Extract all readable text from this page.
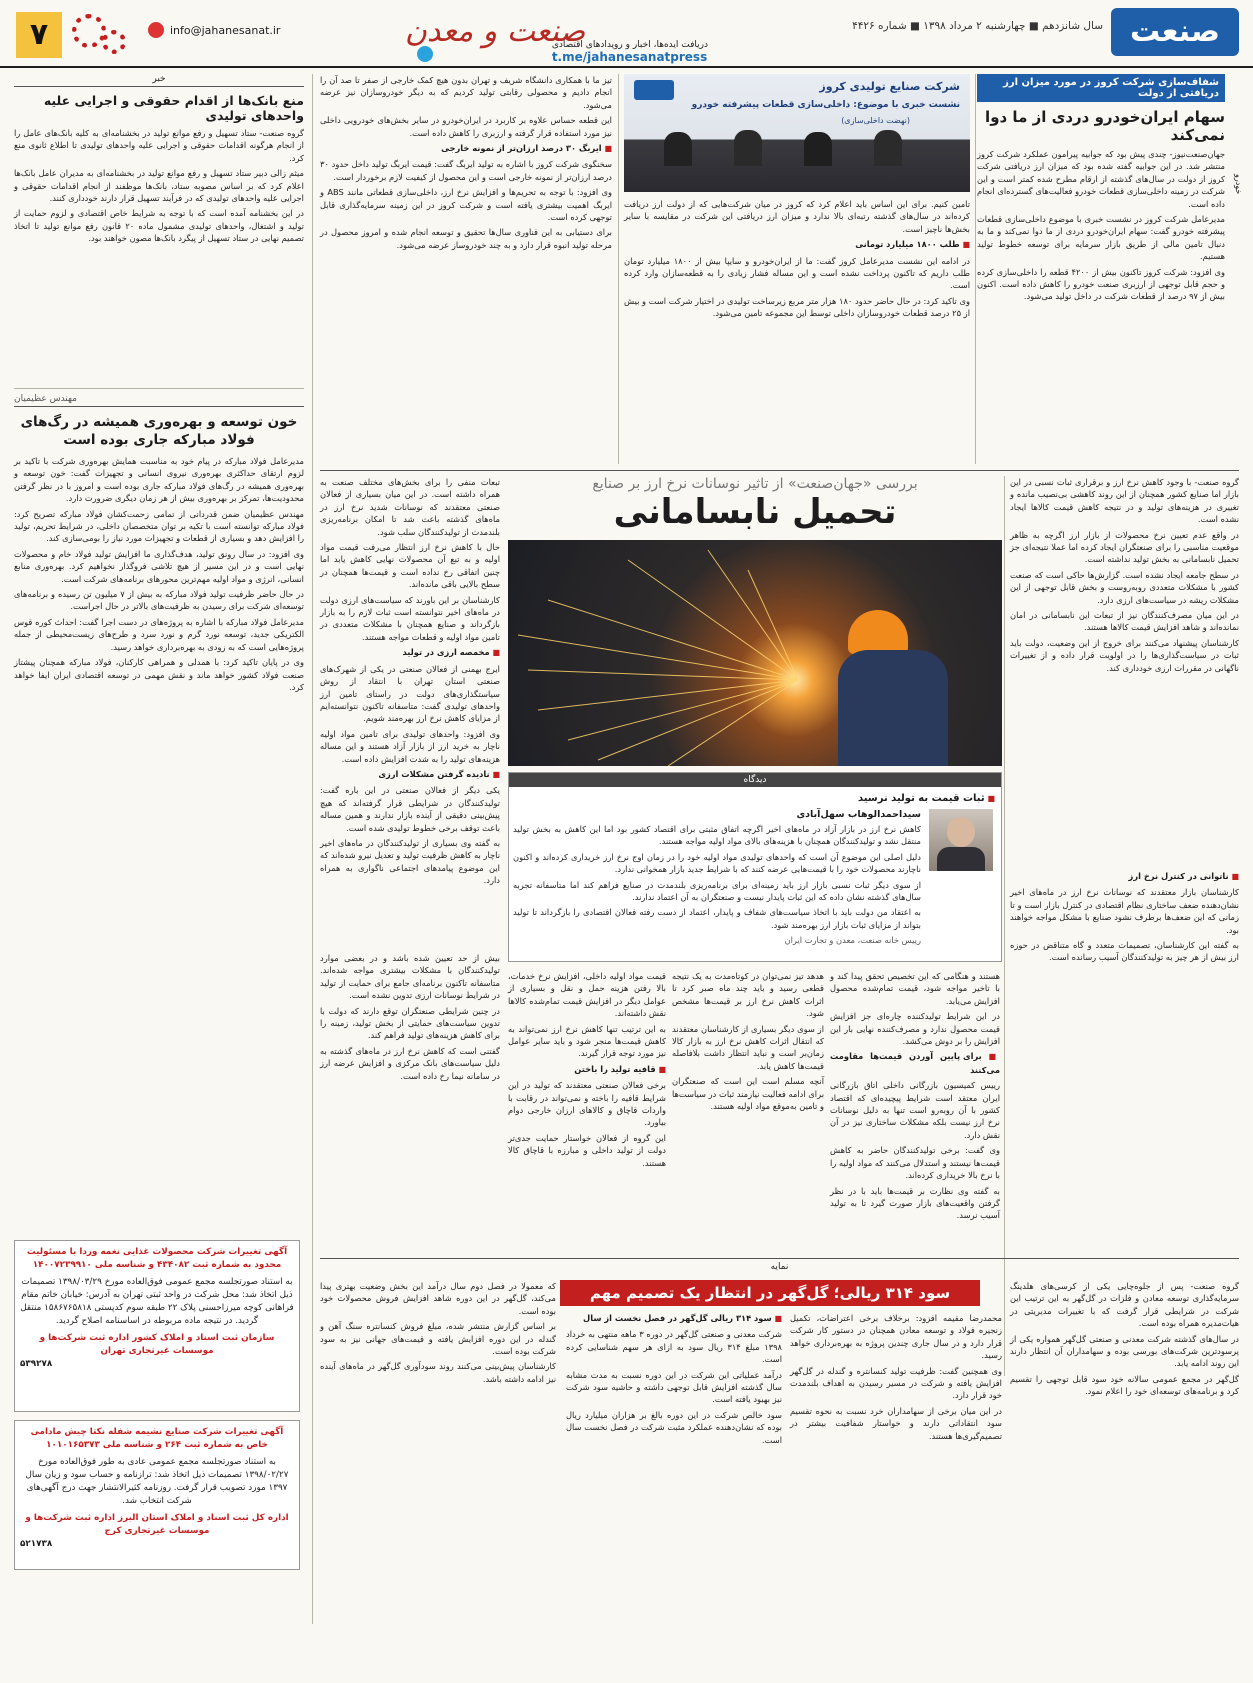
صنعت
سال شانزدهم ■ چهارشنبه ۲ مرداد ۱۳۹۸ ■ شماره ۴۴۲۶
دریافت ایده‌ها، اخبار و رویدادهای اقتصادی
t.me/jahanesanatpress
صنعت و معدن
info@jahanesanat.ir
۷
خودرو
شفاف‌سازی شرکت کروز در مورد میزان ارز دریافتی از دولت
سهام ایران‌خودرو دردی از ما دوا نمی‌کند

جهان‌صنعت‌نیوز- چندی پیش بود که جوابیه پیرامون عملکرد شرکت کروز منتشر شد. در این جوابیه گفته شده بود که میزان ارز دریافتی شرکت کروز از دولت در سال‌های گذشته از ارقام مطرح شده کمتر است و این شرکت در زمینه داخلی‌سازی قطعات خودرو فعالیت‌های گسترده‌ای انجام داده است.

مدیرعامل شرکت کروز در نشست خبری با موضوع داخلی‌سازی قطعات پیشرفته خودرو گفت: سهام ایران‌خودرو دردی از ما دوا نمی‌کند و ما به دنبال تامین مالی از طریق بازار سرمایه برای توسعه خطوط تولید هستیم.

وی افزود: شرکت کروز تاکنون بیش از ۴۲۰۰ قطعه را داخلی‌سازی کرده و حجم قابل توجهی از ارزبری صنعت خودرو را کاهش داده است. اکنون بیش از ۹۷ درصد از قطعات شرکت در داخل تولید می‌شود.

شرکت صنایع تولیدی کروز
نشست خبری با موضوع: داخلی‌سازی قطعات پیشرفته خودرو
(نهضت داخلی‌سازی)

تامین کنیم. برای این اساس باید اعلام کرد که کروز در میان شرکت‌هایی که از دولت ارز دریافت کرده‌اند در سال‌های گذشته رتبه‌ای بالا ندارد و میزان ارز دریافتی این شرکت در مقایسه با سایر بخش‌ها ناچیز است.

■ طلب ۱۸۰۰ میلیارد تومانی

در ادامه این نشست مدیرعامل کروز گفت: ما از ایران‌خودرو و سایپا بیش از ۱۸۰۰ میلیارد تومان طلب داریم که تاکنون پرداخت نشده است و این مساله فشار زیادی را به قطعه‌سازان وارد کرده است.

وی تاکید کرد: در حال حاضر حدود ۱۸۰ هزار متر مربع زیرساخت تولیدی در اختیار شرکت است و بیش از ۲۵ درصد قطعات خودروسازان داخلی توسط این مجموعه تامین می‌شود.

تیز ما با همکاری دانشگاه شریف و تهران بدون هیچ کمک خارجی از صفر تا صد آن را انجام دادیم و محصولی رقابتی تولید کردیم که به دیگر خودروسازان نیز عرضه می‌شود.

این قطعه حساس علاوه بر کاربرد در ایران‌خودرو در سایر بخش‌های خودرویی داخلی نیز مورد استفاده قرار گرفته و ارزبری را کاهش داده است.

■ ایربگ ۳۰ درصد ارزان‌تر از نمونه خارجی

سخنگوی شرکت کروز با اشاره به تولید ایربگ گفت: قیمت ایربگ تولید داخل حدود ۳۰ درصد ارزان‌تر از نمونه خارجی است و این محصول از کیفیت لازم برخوردار است.

وی افزود: با توجه به تحریم‌ها و افزایش نرخ ارز، داخلی‌سازی قطعاتی مانند ABS و ایربگ اهمیت بیشتری یافته است و شرکت کروز در این زمینه سرمایه‌گذاری قابل توجهی کرده است.

برای دستیابی به این فناوری سال‌ها تحقیق و توسعه انجام شده و امروز محصول در مرحله تولید انبوه قرار دارد و به چند خودروساز عرضه می‌شود.

خبر
منع بانک‌ها از اقدام حقوقی و اجرایی علیه واحدهای تولیدی

گروه صنعت- ستاد تسهیل و رفع موانع تولید در بخشنامه‌ای به کلیه بانک‌های عامل را از انجام هرگونه اقدامات حقوقی و اجرایی علیه واحدهای تولیدی تا اطلاع ثانوی منع کرد.

میثم زالی دبیر ستاد تسهیل و رفع موانع تولید در بخشنامه‌ای به مدیران عامل بانک‌ها اعلام کرد که بر اساس مصوبه ستاد، بانک‌ها موظفند از انجام اقدامات حقوقی و اجرایی علیه واحدهای تولیدی که در فرآیند تسهیل قرار دارند خودداری کنند.

در این بخشنامه آمده است که با توجه به شرایط خاص اقتصادی و لزوم حمایت از تولید و اشتغال، واحدهای تولیدی مشمول ماده ۲۰ قانون رفع موانع تولید تا اتخاذ تصمیم نهایی در ستاد تسهیل از پیگرد بانک‌ها مصون خواهند بود.

مهندس عظیمیان
خون توسعه و بهره‌وری همیشه در رگ‌های فولاد مبارکه جاری بوده است

مدیرعامل فولاد مبارکه در پیام خود به مناسبت همایش بهره‌وری شرکت با تاکید بر لزوم ارتقای حداکثری بهره‌وری نیروی انسانی و تجهیزات گفت: خون توسعه و بهره‌وری همیشه در رگ‌های فولاد مبارکه جاری بوده است و امروز با در نظر گرفتن محدودیت‌ها، تمرکز بر بهره‌وری بیش از هر زمان دیگری ضرورت دارد.

مهندس عظیمیان ضمن قدردانی از تمامی زحمت‌کشان فولاد مبارکه تصریح کرد: فولاد مبارکه توانسته است با تکیه بر توان متخصصان داخلی، در شرایط تحریم، تولید را افزایش دهد و بسیاری از قطعات و تجهیزات مورد نیاز را بومی‌سازی کند.

وی افزود: در سال رونق تولید، هدف‌گذاری ما افزایش تولید فولاد خام و محصولات نهایی است و در این مسیر از هیچ تلاشی فروگذار نخواهیم کرد. بهره‌وری منابع انسانی، انرژی و مواد اولیه مهم‌ترین محورهای برنامه‌های شرکت است.

در حال حاضر ظرفیت تولید فولاد مبارکه به بیش از ۷ میلیون تن رسیده و برنامه‌های توسعه‌ای شرکت برای رسیدن به ظرفیت‌های بالاتر در حال اجراست.

مدیرعامل فولاد مبارکه با اشاره به پروژه‌های در دست اجرا گفت: احداث کوره قوس الکتریکی جدید، توسعه نورد گرم و نورد سرد و طرح‌های زیست‌محیطی از جمله پروژه‌هایی است که به زودی به بهره‌برداری خواهد رسید.

وی در پایان تاکید کرد: با همدلی و همراهی کارکنان، فولاد مبارکه همچنان پیشتاز صنعت فولاد کشور خواهد ماند و نقش مهمی در توسعه اقتصادی ایران ایفا خواهد کرد.

آگهی تغییرات شرکت محصولات غذایی نغمه وردا با مسئولیت محدود به شماره ثبت ۴۳۴۰۸۲ و شناسه ملی ۱۴۰۰۷۲۳۹۹۱۰
به استناد صورتجلسه مجمع عمومی فوق‌العاده مورخ ۱۳۹۸/۰۳/۲۹ تصمیمات ذیل اتخاذ شد: محل شرکت در واحد ثبتی تهران به آدرس: خیابان خاتم مقام فراهانی کوچه میرزاحسنی پلاک ۲۲ طبقه سوم کدپستی ۱۵۸۶۷۶۵۸۱۸ منتقل گردید. در نتیجه ماده مربوطه در اساسنامه اصلاح گردید.
سازمان ثبت اسناد و املاک کشور اداره ثبت شرکت‌ها و موسسات غیرتجاری تهران
۵۳۹۲۷۸
آگهی تغییرات شرکت صنایع نشیمه شفله نکتا چیش مادامی خاص به شماره ثبت ۲۶۴ و شناسه ملی ۱۰۱۰۱۶۵۳۷۳
به استناد صورتجلسه مجمع عمومی عادی به طور فوق‌العاده مورخ ۱۳۹۸/۰۲/۲۷ تصمیمات ذیل اتخاذ شد: ترازنامه و حساب سود و زیان سال ۱۳۹۷ مورد تصویب قرار گرفت. روزنامه کثیرالانتشار جهت درج آگهی‌های شرکت انتخاب شد.
اداره کل ثبت اسناد و املاک استان البرز اداره ثبت شرکت‌ها و موسسات غیرتجاری کرج
۵۲۱۷۳۸
بررسی «جهان‌صنعت» از تاثیر نوسانات نرخ ارز بر صنایع
تحمیل نابسامانی

گروه صنعت- با وجود کاهش نرخ ارز و برقراری ثبات نسبی در این بازار اما صنایع کشور همچنان از این روند کاهشی بی‌نصیب مانده و تغییری در هزینه‌های تولید و در نتیجه کاهش قیمت کالاها ایجاد نشده است.

در واقع عدم تعیین نرخ محصولات از بازار ارز اگرچه به ظاهر موقعیت مناسبی را برای صنعتگران ایجاد کرده اما عملا نتیجه‌ای جز تحمیل نابسامانی به بخش تولید نداشته است.

در سطح جامعه ایجاد نشده است. گزارش‌ها حاکی است که صنعت کشور با مشکلات متعددی روبه‌روست و بخش قابل توجهی از این مشکلات ریشه در سیاست‌های ارزی دارد.

در این میان مصرف‌کنندگان نیز از تبعات این نابسامانی در امان نمانده‌اند و شاهد افزایش قیمت کالاها هستند.

کارشناسان پیشنهاد می‌کنند برای خروج از این وضعیت، دولت باید ثبات در سیاست‌گذاری‌ها را در اولویت قرار داده و از تغییرات ناگهانی در مقررات ارزی خودداری کند.

تبعات منفی را برای بخش‌های مختلف صنعت به همراه داشته است. در این میان بسیاری از فعالان صنعتی معتقدند که نوسانات شدید نرخ ارز در ماه‌های گذشته باعث شد تا امکان برنامه‌ریزی بلندمدت از تولیدکنندگان سلب شود.

حال با کاهش نرخ ارز انتظار می‌رفت قیمت مواد اولیه و به تبع آن محصولات نهایی کاهش یابد اما چنین اتفاقی رخ نداده است و قیمت‌ها همچنان در سطح بالایی باقی مانده‌اند.

کارشناسان بر این باورند که سیاست‌های ارزی دولت در ماه‌های اخیر نتوانسته است ثبات لازم را به بازار بازگرداند و صنایع همچنان با مشکلات متعددی در تامین مواد اولیه و قطعات مواجه هستند.

■ مخمصه ارزی در تولید

ایرج بهمنی از فعالان صنعتی در یکی از شهرک‌های صنعتی استان تهران با انتقاد از روش سیاستگذاری‌های دولت در راستای تامین ارز واحدهای تولیدی گفت: متاسفانه تاکنون نتوانسته‌ایم از مزایای کاهش نرخ ارز بهره‌مند شویم.

وی افزود: واحدهای تولیدی برای تامین مواد اولیه ناچار به خرید ارز از بازار آزاد هستند و این مساله هزینه‌های تولید را به شدت افزایش داده است.

■ نادیده گرفتن مشکلات ارزی

یکی دیگر از فعالان صنعتی در این باره گفت: تولیدکنندگان در شرایطی قرار گرفته‌اند که هیچ پیش‌بینی دقیقی از آینده بازار ندارند و همین مساله باعث توقف برخی خطوط تولیدی شده است.

به گفته وی بسیاری از تولیدکنندگان در ماه‌های اخیر ناچار به کاهش ظرفیت تولید و تعدیل نیرو شده‌اند که این موضوع پیامدهای اجتماعی ناگواری به همراه دارد.

دیدگاه
■ ثبات قیمت به تولید نرسید
سیداحمد‌الوهاب سهل‌آبادی

کاهش نرخ ارز در بازار آزاد در ماه‌های اخیر اگرچه اتفاق مثبتی برای اقتصاد کشور بود اما این کاهش به بخش تولید منتقل نشد و تولیدکنندگان همچنان با هزینه‌های بالای مواد اولیه مواجه هستند.

دلیل اصلی این موضوع آن است که واحدهای تولیدی مواد اولیه خود را در زمان اوج نرخ ارز خریداری کرده‌اند و اکنون ناچارند محصولات خود را با قیمت‌هایی عرضه کنند که با شرایط جدید بازار همخوانی ندارد.

از سوی دیگر ثبات نسبی بازار ارز باید زمینه‌ای برای برنامه‌ریزی بلندمدت در صنایع فراهم کند اما متاسفانه تجربه سال‌های گذشته نشان داده که این ثبات پایدار نیست و صنعتگران به آن اعتماد ندارند.

به اعتقاد من دولت باید با اتخاذ سیاست‌های شفاف و پایدار، اعتماد از دست رفته فعالان اقتصادی را بازگرداند تا تولید بتواند از مزایای ثبات بازار ارز بهره‌مند شود.

رییس خانه صنعت، معدن و تجارت ایران

بیش از حد تعیین شده باشد و در بعضی موارد تولیدکنندگان با مشکلات بیشتری مواجه شده‌اند. متاسفانه تاکنون برنامه‌ای جامع برای حمایت از تولید در شرایط نوسانات ارزی تدوین نشده است.

در چنین شرایطی صنعتگران توقع دارند که دولت با تدوین سیاست‌های حمایتی از بخش تولید، زمینه را برای کاهش هزینه‌های تولید فراهم کند.

گفتنی است که کاهش نرخ ارز در ماه‌های گذشته به دلیل سیاست‌های بانک مرکزی و افزایش عرضه ارز در سامانه نیما رخ داده است.

■ ناتوانی در کنترل نرخ ارز

کارشناسان بازار معتقدند که نوسانات نرخ ارز در ماه‌های اخیر نشان‌دهنده ضعف ساختاری نظام اقتصادی در کنترل بازار است و تا زمانی که این ضعف‌ها برطرف نشود صنایع با مشکل مواجه خواهند بود.

به گفته این کارشناسان، تصمیمات متعدد و گاه متناقض در حوزه ارز بیش از هر چیز به تولیدکنندگان آسیب رسانده است.

هستند و هنگامی که این تخصیص تحقق پیدا کند و با تاخیر مواجه شود، قیمت تمام‌شده محصول افزایش می‌یابد.

در این شرایط تولیدکننده چاره‌ای جز افزایش قیمت محصول ندارد و مصرف‌کننده نهایی بار این افزایش را بر دوش می‌کشد.

■ برای پایین آوردن قیمت‌ها مقاومت می‌کنند

رییس کمیسیون بازرگانی داخلی اتاق بازرگانی ایران معتقد است شرایط پیچیده‌ای که اقتصاد کشور با آن روبه‌رو است تنها به دلیل نوسانات نرخ ارز نیست بلکه مشکلات ساختاری نیز در آن نقش دارد.

وی گفت: برخی تولیدکنندگان حاضر به کاهش قیمت‌ها نیستند و استدلال می‌کنند که مواد اولیه را با نرخ بالا خریداری کرده‌اند.

به گفته وی نظارت بر قیمت‌ها باید با در نظر گرفتن واقعیت‌های بازار صورت گیرد تا به تولید آسیب نرسد.

هدهد تیز نمی‌توان در کوتاه‌مدت به یک نتیجه قطعی رسید و باید چند ماه صبر کرد تا اثرات کاهش نرخ ارز بر قیمت‌ها مشخص شود.

از سوی دیگر بسیاری از کارشناسان معتقدند که انتقال اثرات کاهش نرخ ارز به بازار کالا زمان‌بر است و نباید انتظار داشت بلافاصله قیمت‌ها کاهش یابد.

آنچه مسلم است این است که صنعتگران برای ادامه فعالیت نیازمند ثبات در سیاست‌ها و تامین به‌موقع مواد اولیه هستند.

قیمت مواد اولیه داخلی، افزایش نرخ خدمات، بالا رفتن هزینه حمل و نقل و بسیاری از عوامل دیگر در افزایش قیمت تمام‌شده کالاها نقش داشته‌اند.

به این ترتیب تنها کاهش نرخ ارز نمی‌تواند به کاهش قیمت‌ها منجر شود و باید سایر عوامل نیز مورد توجه قرار گیرند.

■ قافیه تولید را باختن

برخی فعالان صنعتی معتقدند که تولید در این شرایط قافیه را باخته و نمی‌تواند در رقابت با واردات قاچاق و کالاهای ارزان خارجی دوام بیاورد.

این گروه از فعالان خواستار حمایت جدی‌تر دولت از تولید داخلی و مبارزه با قاچاق کالا هستند.

نمایه
سود ۳۱۴ ریالی؛ گل‌گهر در انتظار یک تصمیم مهم	گروه صنعت- پس از جلوه‌چایی یکی از کرسی‌های هلدینگ سرمایه‌گذاری توسعه معادن و فلزات در گل‌گهر به این ترتیب این شرکت در شرایطی قرار گرفت که با تغییرات مدیریتی در هیات‌مدیره همراه بوده است.

در سال‌های گذشته شرکت معدنی و صنعتی گل‌گهر همواره یکی از پرسودترین شرکت‌های بورسی بوده و سهامداران آن انتظار دارند این روند ادامه یابد.

گل‌گهر در مجمع عمومی سالانه خود سود قابل توجهی را تقسیم کرد و برنامه‌های توسعه‌ای خود را اعلام نمود.

محمدرضا مقیمه افزود: برخلاف برخی اعتراضات، تکمیل زنجیره فولاد و توسعه معادن همچنان در دستور کار شرکت قرار دارد و در سال جاری چندین پروژه به بهره‌برداری خواهد رسید.

وی همچنین گفت: ظرفیت تولید کنسانتره و گندله در گل‌گهر افزایش یافته و شرکت در مسیر رسیدن به اهداف بلندمدت خود قرار دارد.

در این میان برخی از سهامداران خرد نسبت به نحوه تقسیم سود انتقاداتی دارند و خواستار شفافیت بیشتر در تصمیم‌گیری‌ها هستند.

■ سود ۳۱۴ ریالی گل‌گهر در فصل نخست از سال

شرکت معدنی و صنعتی گل‌گهر در دوره ۳ ماهه منتهی به خرداد ۱۳۹۸ مبلغ ۳۱۴ ریال سود به ازای هر سهم شناسایی کرده است.

درآمد عملیاتی این شرکت در این دوره نسبت به مدت مشابه سال گذشته افزایش قابل توجهی داشته و حاشیه سود شرکت نیز بهبود یافته است.

سود خالص شرکت در این دوره بالغ بر هزاران میلیارد ریال بوده که نشان‌دهنده عملکرد مثبت شرکت در فصل نخست سال است.

که معمولا در فصل دوم سال درآمد این بخش وضعیت بهتری پیدا می‌کند، گل‌گهر در این دوره شاهد افزایش فروش محصولات خود بوده است.

بر اساس گزارش منتشر شده، مبلغ فروش کنسانتره سنگ آهن و گندله در این دوره افزایش یافته و قیمت‌های جهانی نیز به سود شرکت بوده است.

کارشناسان پیش‌بینی می‌کنند روند سودآوری گل‌گهر در ماه‌های آینده نیز ادامه داشته باشد.
